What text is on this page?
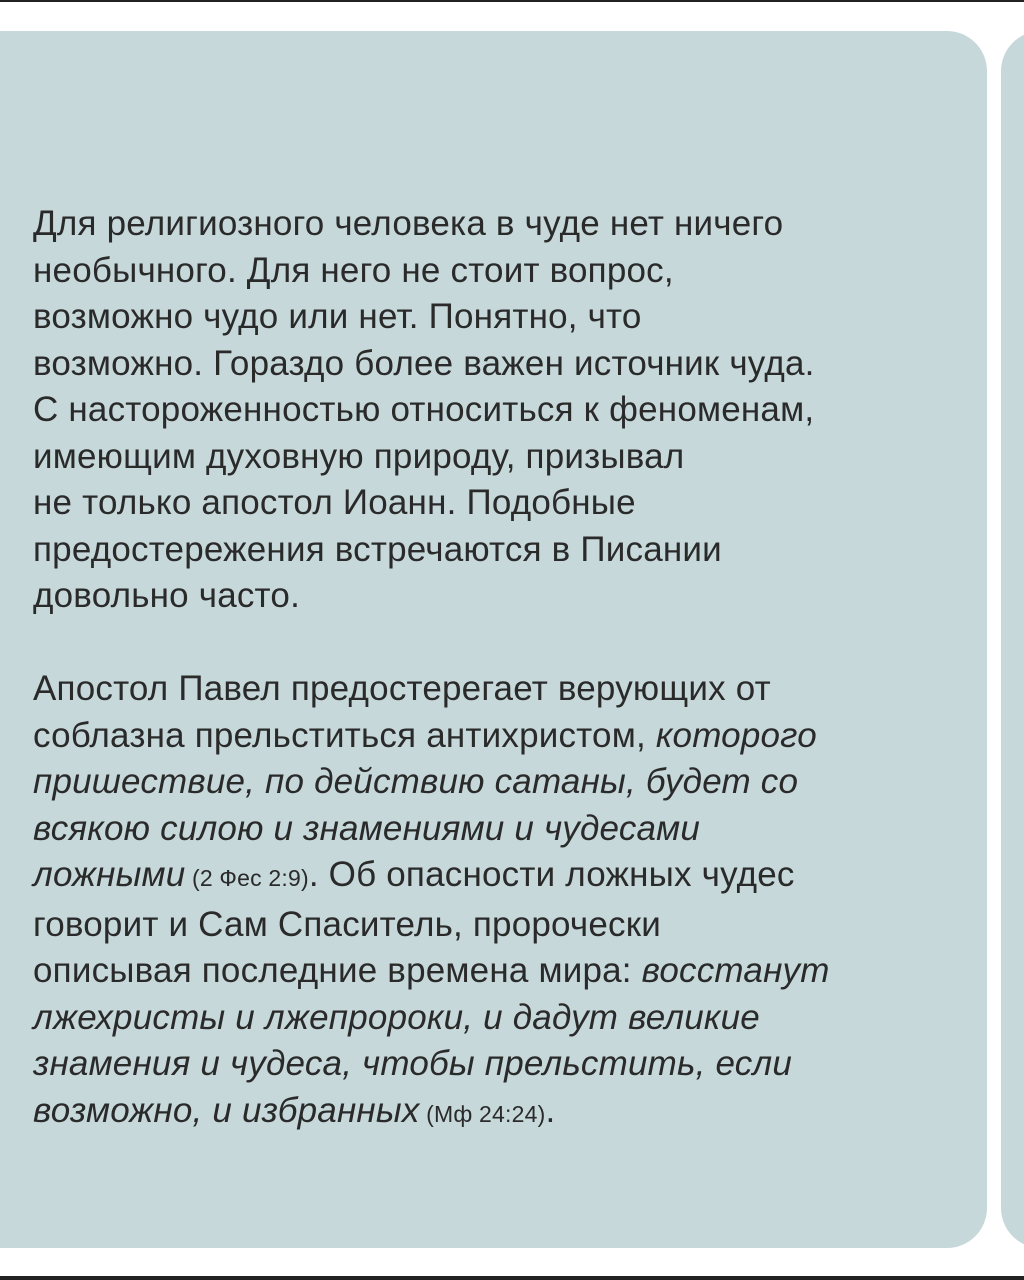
Для религиозного человека в чуде нет ничего
необычного. Для него не стоит вопрос,
возможно чудо или нет. Понятно, что
возможно. Гораздо более важен источник чуда.
С настороженностью относиться к феноменам,
имеющим духовную природу, призывал
не только апостол Иоанн. Подобные
предостережения встречаются в Писании
довольно часто.

Апостол Павел предостерегает верующих от
соблазна прельститься антихристом, которого
пришествие, по действию сатаны, будет со
всякою силою и знамениями и чудесами
ложными (2 Фес 2:9). Об опасности ложных чудес
говорит и Сам Спаситель, пророчески
описывая последние времена мира: восстанут
лжехристы и лжепророки, и дадут великие
знамения и чудеса, чтобы прельстить, если
возможно, и избранных (Мф 24:24).
